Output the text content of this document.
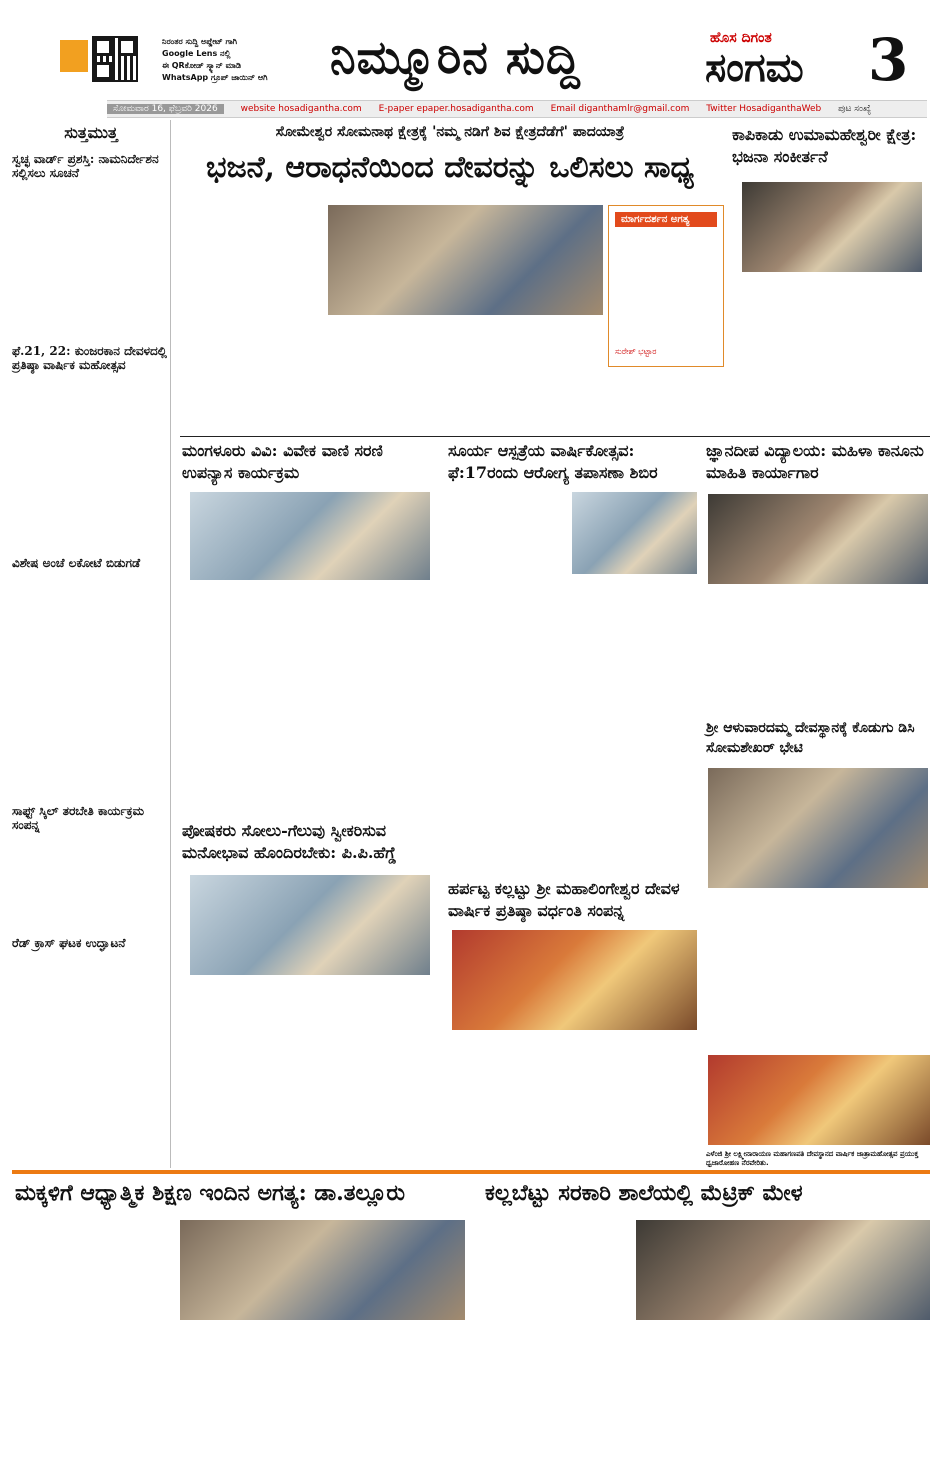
ನಿರಂತರ ಸುದ್ದಿ ಅಪ್ಡೇಟ್ ಗಾಗಿ
Google Lens ನಲ್ಲಿ
ಈ QRಕೋಡ್ ಸ್ಕ್ಯಾನ್ ಮಾಡಿ
WhatsApp ಗ್ರೂಪ್ ಜಾಯಿನ್ ಆಗಿ	ನಿಮ್ಮೂರಿನ ಸುದ್ದಿ	ಹೊಸ ದಿಗಂತ
ಸಂಗಮ 3
ಸೋಮವಾರ 16, ಫೆಬ್ರವರಿ 2026	website hosadigantha.com E-paper epaper.hosadigantha.com Email diganthamlr@gmail.com Twitter HosadiganthaWeb ಪುಟ ಸಂಖ್ಯೆ
ಸುತ್ತಮುತ್ತ
ಸ್ವಚ್ಛ ವಾರ್ಡ್ ಪ್ರಶಸ್ತಿ: ನಾಮನಿರ್ದೇಶನ ಸಲ್ಲಿಸಲು ಸೂಚನೆ
ಫೆ.21, 22: ಕುಂಜರಕಾನ ದೇವಳದಲ್ಲಿ ಪ್ರತಿಷ್ಠಾ ವಾರ್ಷಿಕ ಮಹೋತ್ಸವ
ವಿಶೇಷ ಅಂಚೆ ಲಕೋಟೆ ಬಿಡುಗಡೆ
ಸಾಫ್ಟ್ ಸ್ಕಿಲ್ ತರಬೇತಿ ಕಾರ್ಯಕ್ರಮ ಸಂಪನ್ನ
ರೆಡ್ ಕ್ರಾಸ್ ಘಟಕ ಉದ್ಘಾಟನೆ
ಸೋಮೇಶ್ವರ ಸೋಮನಾಥ ಕ್ಷೇತ್ರಕ್ಕೆ 'ನಮ್ಮ ನಡಿಗೆ ಶಿವ ಕ್ಷೇತ್ರದೆಡೆಗೆ' ಪಾದಯಾತ್ರೆ
ಭಜನೆ, ಆರಾಧನೆಯಿಂದ ದೇವರನ್ನು ಒಲಿಸಲು ಸಾಧ್ಯ
ಮಾರ್ಗದರ್ಶನ ಅಗತ್ಯ
ಸುರೇಶ್ ಭಟ್ಟಾರ
ಕಾಪಿಕಾಡು ಉಮಾಮಹೇಶ್ವರೀ ಕ್ಷೇತ್ರ: ಭಜನಾ ಸಂಕೀರ್ತನೆ
ಮಂಗಳೂರು ವಿವಿ: ವಿವೇಕ ವಾಣಿ ಸರಣಿ ಉಪನ್ಯಾಸ ಕಾರ್ಯಕ್ರಮ
ಸೂರ್ಯ ಆಸ್ಪತ್ರೆಯ ವಾರ್ಷಿಕೋತ್ಸವ: ಫೆ:17ರಂದು ಆರೋಗ್ಯ ತಪಾಸಣಾ ಶಿಬಿರ
ಜ್ಞಾನದೀಪ ವಿದ್ಯಾಲಯ: ಮಹಿಳಾ ಕಾನೂನು ಮಾಹಿತಿ ಕಾರ್ಯಾಗಾರ
ಶ್ರೀ ಆಳುವಾರದಮ್ಮ ದೇವಸ್ಥಾನಕ್ಕೆ ಕೊಡುಗು ಡಿಸಿ ಸೋಮಶೇಖರ್ ಭೇಟಿ
ಪೋಷಕರು ಸೋಲು-ಗೆಲುವು ಸ್ವೀಕರಿಸುವ ಮನೋಭಾವ ಹೊಂದಿರಬೇಕು: ಪಿ.ಪಿ.ಹೆಗ್ಡೆ
ಹರ್ಪಟ್ಟ ಕಲ್ಲಟ್ಟು ಶ್ರೀ ಮಹಾಲಿಂಗೇಶ್ವರ ದೇವಳ ವಾರ್ಷಿಕ ಪ್ರತಿಷ್ಠಾ ವರ್ಧಂತಿ ಸಂಪನ್ನ
ಎಳೆಂಜಿ ಶ್ರೀ ಲಕ್ಷ್ಮೀನಾರಾಯಣ ಮಹಾಗಣಪತಿ ದೇವಸ್ಥಾನದ ವಾರ್ಷಿಕ ಜಾತ್ರಾಮಹೋತ್ಸವ ಪ್ರಯುಕ್ತ ಧ್ವಜಾರೋಹಣ ನೆರವೇರಿತು.
ಮಕ್ಕಳಿಗೆ ಆಧ್ಯಾತ್ಮಿಕ ಶಿಕ್ಷಣ ಇಂದಿನ ಅಗತ್ಯ: ಡಾ.ತಲ್ಲೂರು	ಕಲ್ಲಬೆಟ್ಟು ಸರಕಾರಿ ಶಾಲೆಯಲ್ಲಿ ಮೆಟ್ರಿಕ್ ಮೇಳ
